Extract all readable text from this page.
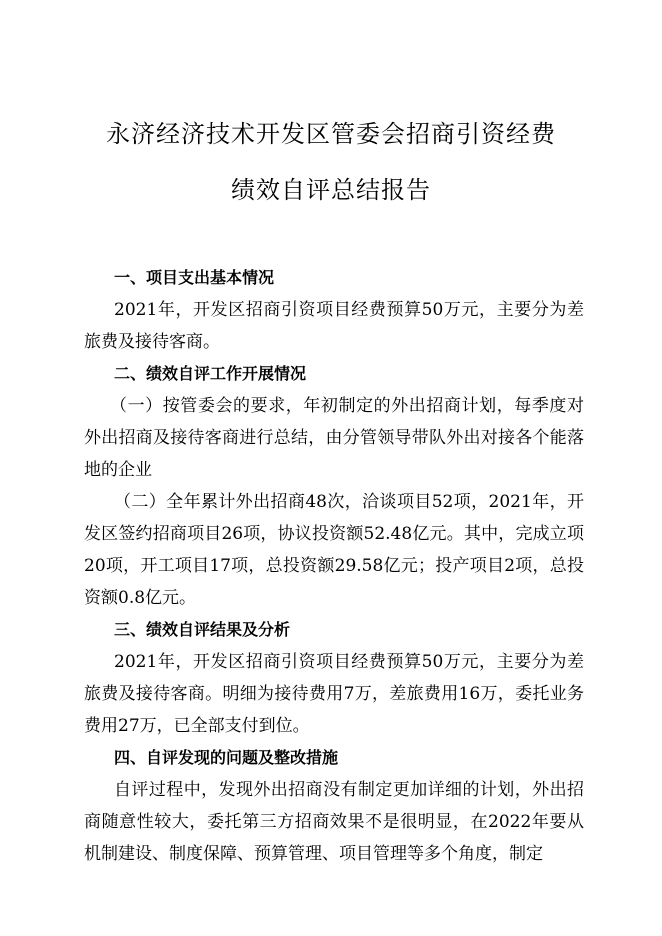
永济经济技术开发区管委会招商引资经费
绩效自评总结报告

一、项目支出基本情况

2021年，开发区招商引资项目经费预算50万元，主要分为差旅费及接待客商。

二、绩效自评工作开展情况

（一）按管委会的要求，年初制定的外出招商计划，每季度对外出招商及接待客商进行总结，由分管领导带队外出对接各个能落地的企业

（二）全年累计外出招商48次，洽谈项目52项，2021年，开发区签约招商项目26项，协议投资额52.48亿元。其中，完成立项20项，开工项目17项，总投资额29.58亿元；投产项目2项，总投资额0.8亿元。

三、绩效自评结果及分析

2021年，开发区招商引资项目经费预算50万元，主要分为差旅费及接待客商。明细为接待费用7万，差旅费用16万，委托业务费用27万，已全部支付到位。

四、自评发现的问题及整改措施

自评过程中，发现外出招商没有制定更加详细的计划，外出招商随意性较大，委托第三方招商效果不是很明显，在2022年要从机制建设、制度保障、预算管理、项目管理等多个角度，制定
